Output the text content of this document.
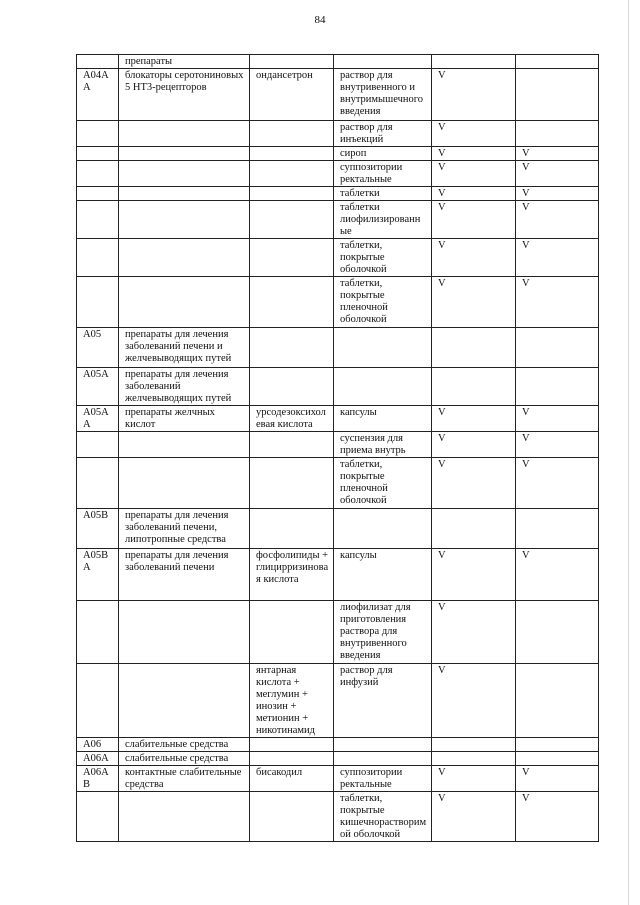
84
	препараты				
A04A A	блокаторы серотониновых 5 НТ3-рецепторов	ондансетрон	раствор для внутривенного и внутримышечного введения	V	
			раствор для инъекций	V	
			сироп	V	V
			суппозитории ректальные	V	V
			таблетки	V	V
			таблетки лиофилизированные	V	V
			таблетки, покрытые оболочкой	V	V
			таблетки, покрытые пленочной оболочкой	V	V
A05	препараты для лечения заболеваний печени и желчевыводящих путей				
A05A	препараты для лечения заболеваний желчевыводящих путей				
A05A A	препараты желчных кислот	урсодезоксихолевая кислота	капсулы	V	V
			суспензия для приема внутрь	V	V
			таблетки, покрытые пленочной оболочкой	V	V
A05B	препараты для лечения заболеваний печени, липотропные средства				
A05B A	препараты для лечения заболеваний печени	фосфолипиды + глицирризиновая кислота	капсулы	V	V
			лиофилизат для приготовления раствора для внутривенного введения	V	
		янтарная кислота + меглумин + инозин + метионин + никотинамид	раствор для инфузий	V	
A06	слабительные средства				
A06A	слабительные средства				
A06A B	контактные слабительные средства	бисакодил	суппозитории ректальные	V	V
			таблетки, покрытые кишечнорастворимой оболочкой	V	V
